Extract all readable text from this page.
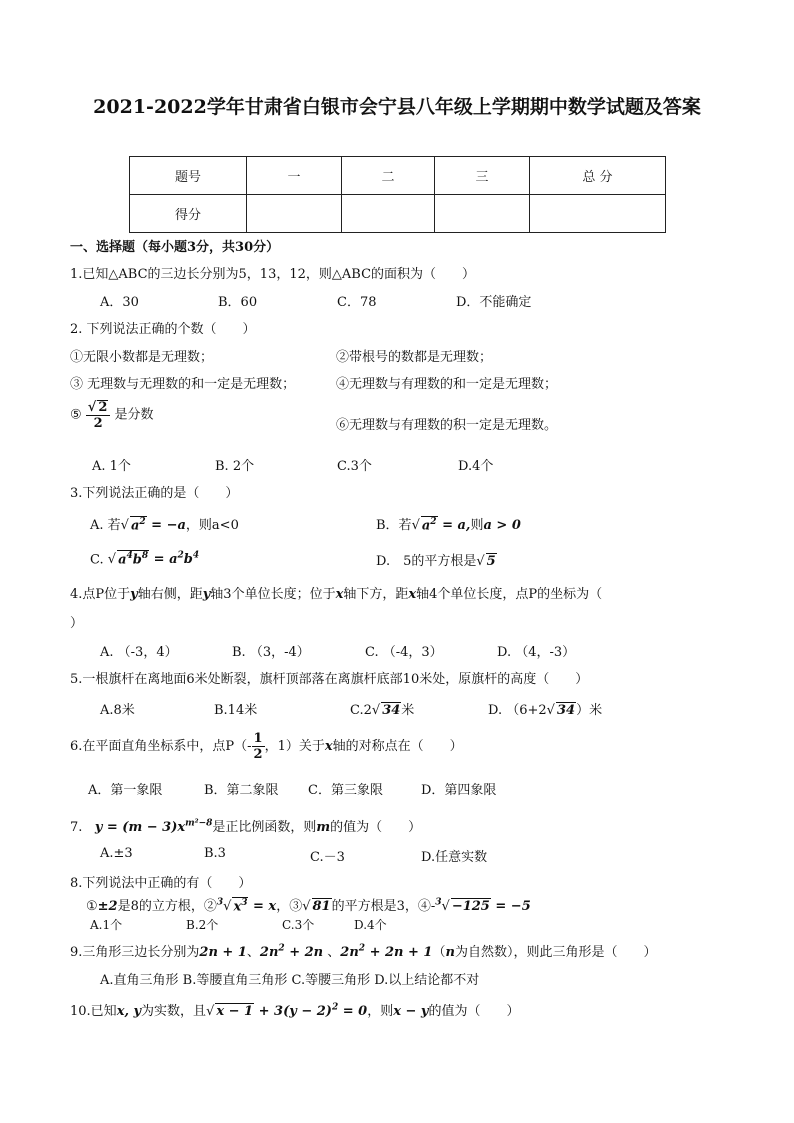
2021-2022学年甘肃省白银市会宁县八年级上学期期中数学试题及答案
题号	一	二	三	总 分
得分				
一、选择题（每小题3分，共30分）
1.已知△ABC的三边长分别为5，13，12，则△ABC的面积为（　　）
A．30	B．60	C．78	D．不能确定
2. 下列说法正确的个数（　　）
①无限小数都是无理数；	②带根号的数都是无理数；
③ 无理数与无理数的和一定是无理数；	④无理数与有理数的和一定是无理数；
⑤ $\frac{√ 2}{2}$ 是分数
⑥无理数与有理数的积一定是无理数。
A. 1个	B. 2个	C.3个	D.4个
3.下列说法正确的是（　　）
A. 若√ $a^2 = -a$，则a<0	B．若√ $a^2 = a$,则a > 0
C. √ $a^4b^8 = a^2b^4$	D.　5的平方根是√ 5
4.点P位于y轴右侧，距y轴3个单位长度；位于x轴下方，距x轴4个单位长度，点P的坐标为（
）
A. （-3，4）	B. （3，-4）	C. （-4，3）	D. （4，-3）
5.一根旗杆在离地面6米处断裂，旗杆顶部落在离旗杆底部10米处，原旗杆的高度（　　）
A.8米	B.14米	C.2√ 34米	D. （6+2√ 34）米
6.在平面直角坐标系中，点$P(- \frac{1}{2}$ ，1）关于x轴的对称点在（　　）
A．第一象限	B．第二象限 C．第三象限	D．第四象限
7. $y = (m - 3)x^{m^2-8}$是正比例函数，则m的值为（　　）
A.±3	B.3	C.－3	D.任意实数
8.下列说法中正确的有（　　）
①±2是8的立方根，②$^3$√ $x^3 = x$，③√ 81的平方根是3，④-$^3$√ −125 = −5
A.1个	B.2个	C.3个	D.4个
9.三角形三边长分别为2n + 1、$2n^2 + 2n$ 、$2n^2 + 2n + 1(n$为自然数），则此三角形是（　　）
A.直角三角形 B.等腰直角三角形 C.等腰三角形 D.以上结论都不对
10.已知x, y为实数，且√ $x - 1 + 3(y - 2)^2 = 0$，则x − y的值为（　　）
